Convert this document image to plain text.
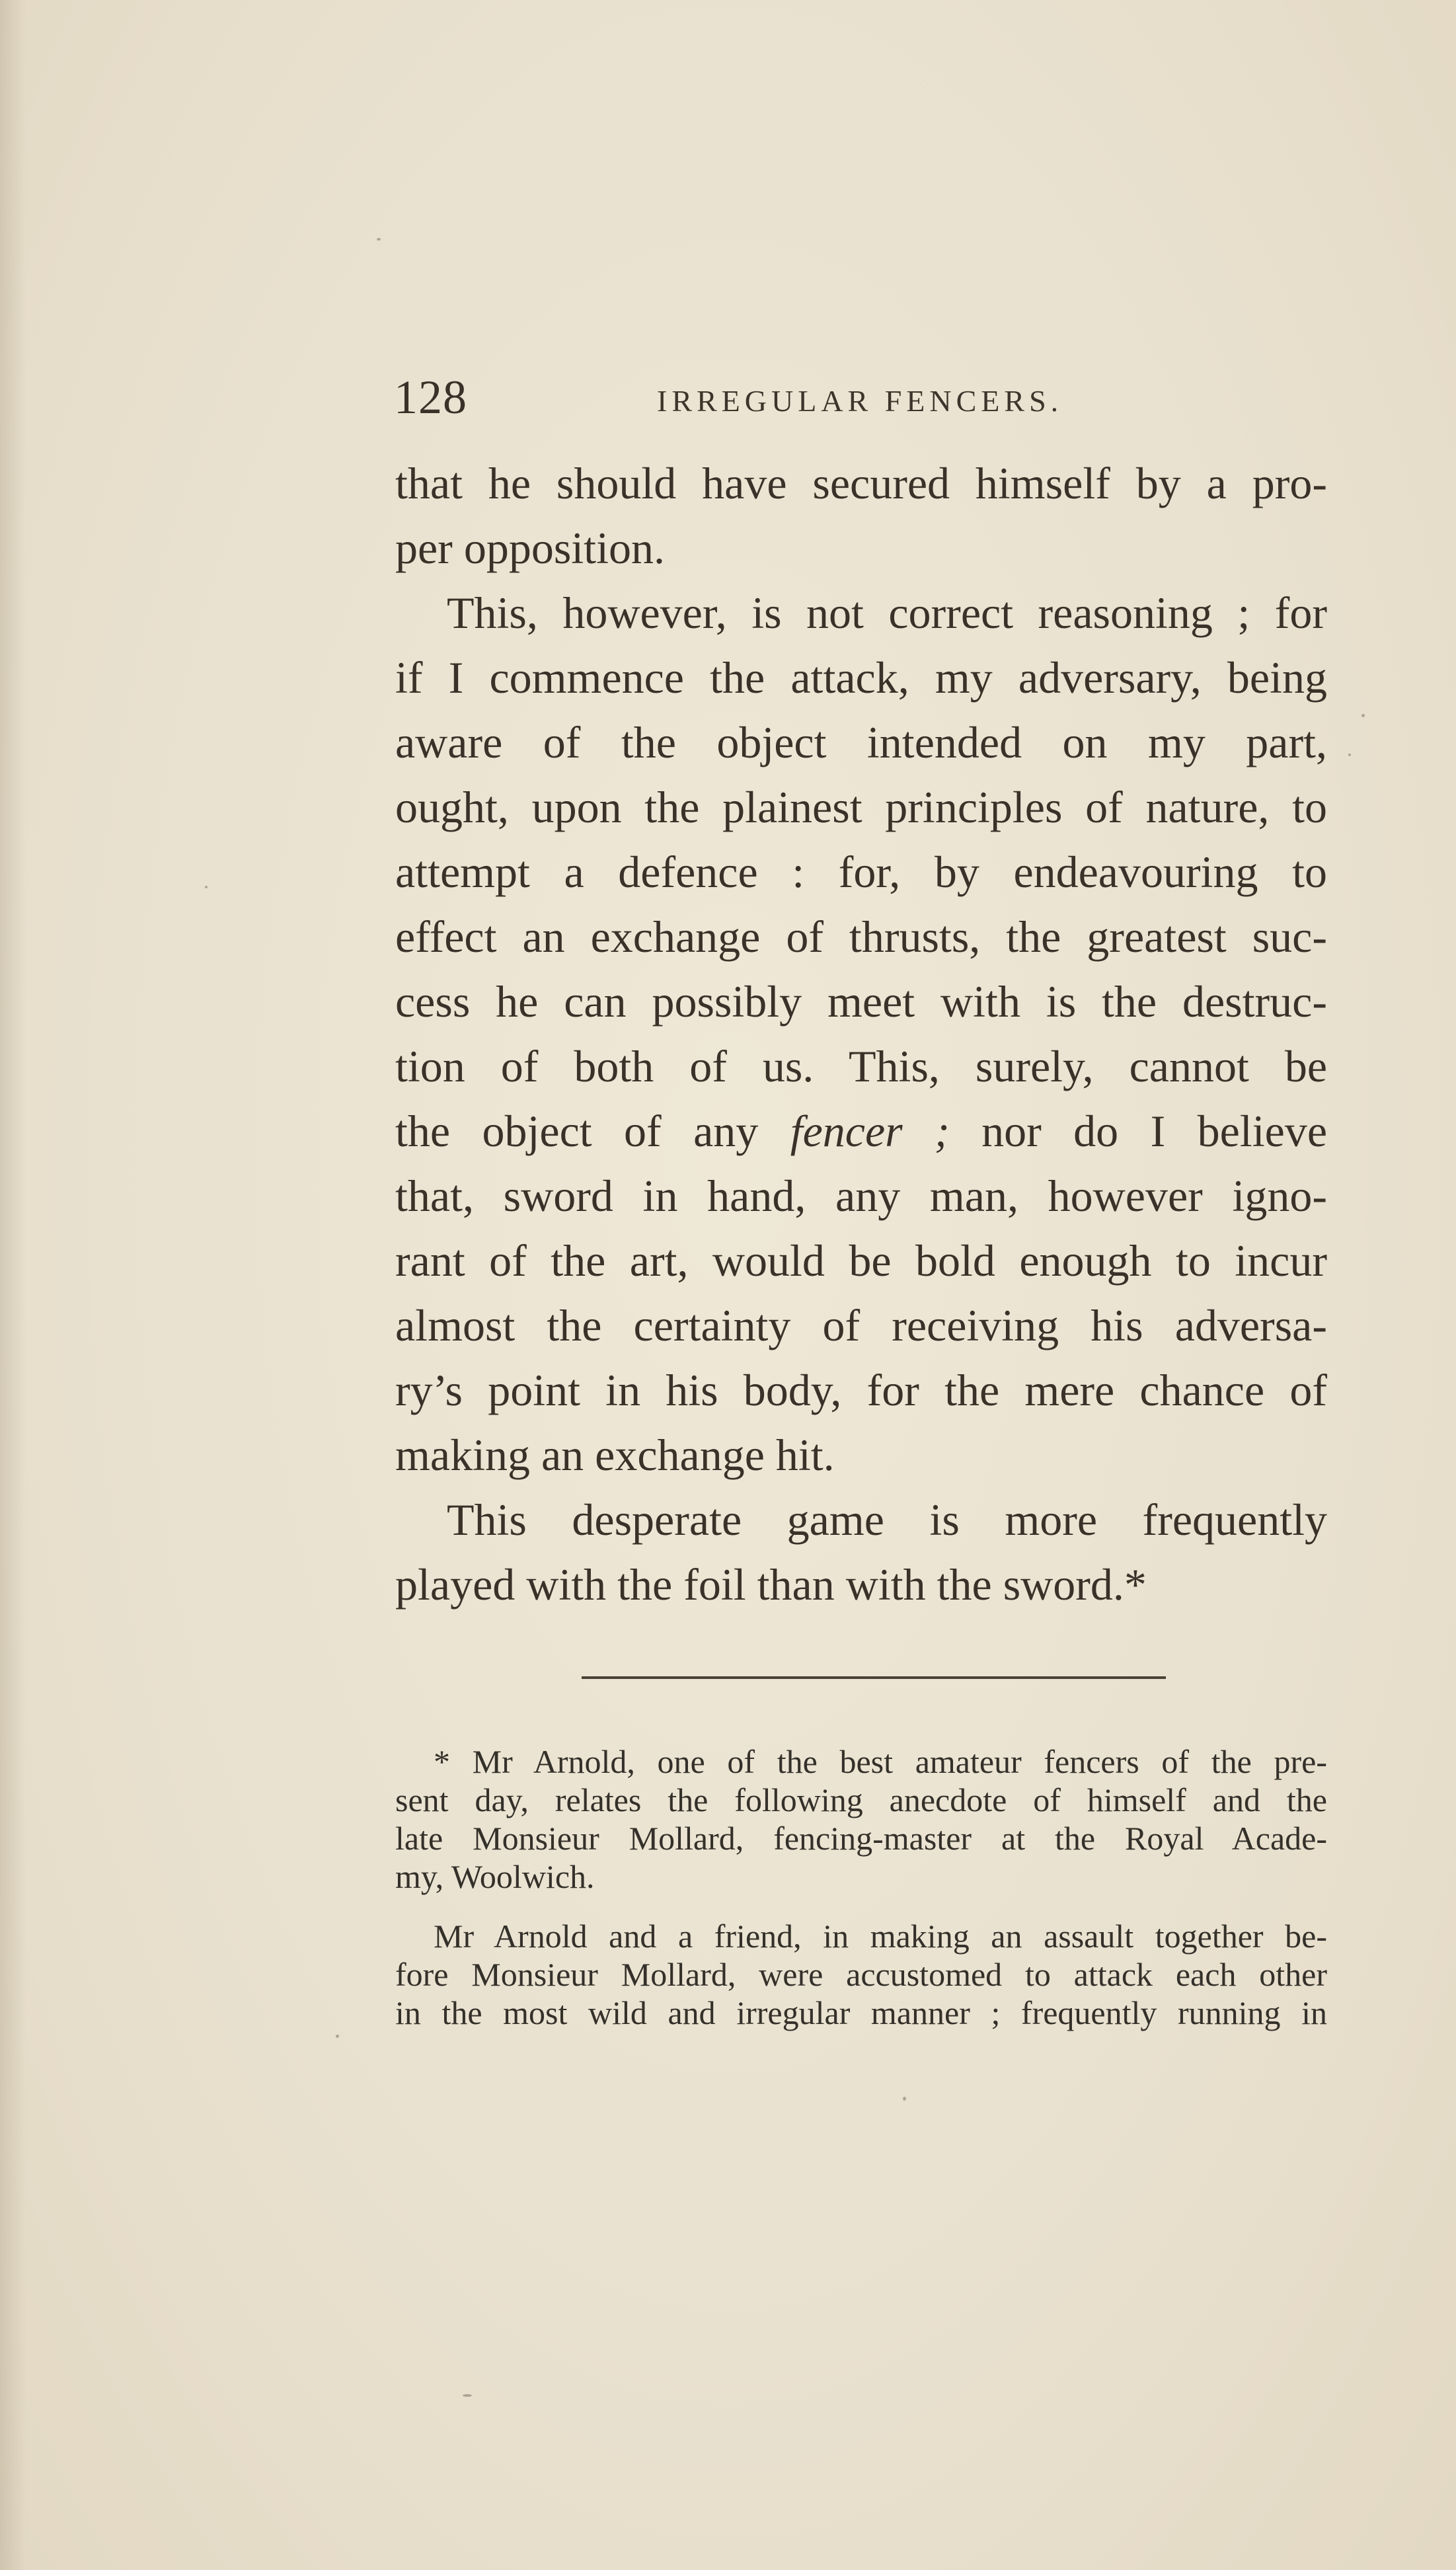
128	IRREGULAR FENCERS.
that he should have secured himself by a pro-
per opposition.
This, however, is not correct reasoning ; for
if I commence the attack, my adversary, being
aware of the object intended on my part,
ought, upon the plainest principles of nature, to
attempt a defence : for, by endeavouring to
effect an exchange of thrusts, the greatest suc-
cess he can possibly meet with is the destruc-
tion of both of us. This, surely, cannot be
the object of any fencer ; nor do I believe
that, sword in hand, any man, however igno-
rant of the art, would be bold enough to incur
almost the certainty of receiving his adversa-
ry’s point in his body, for the mere chance of
making an exchange hit.
This desperate game is more frequently
played with the foil than with the sword.*
* Mr Arnold, one of the best amateur fencers of the pre-
sent day, relates the following anecdote of himself and the
late Monsieur Mollard, fencing-master at the Royal Acade-
my, Woolwich.
Mr Arnold and a friend, in making an assault together be-
fore Monsieur Mollard, were accustomed to attack each other
in the most wild and irregular manner ; frequently running in
